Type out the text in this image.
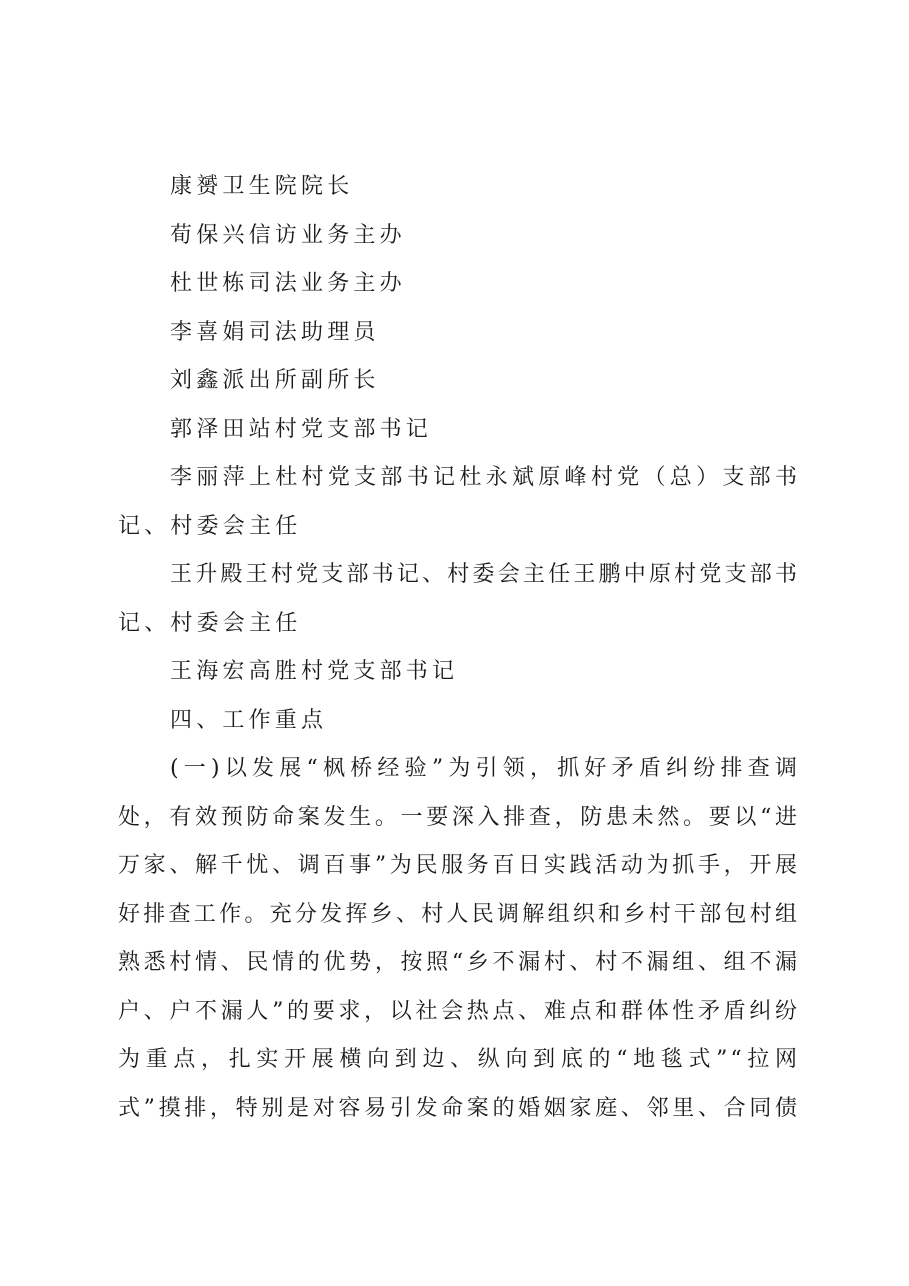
康赟卫生院院长
荀保兴信访业务主办
杜世栋司法业务主办
李喜娟司法助理员
刘鑫派出所副所长
郭泽田站村党支部书记
李丽萍上杜村党支部书记杜永斌原峰村党（总）支部书
记、村委会主任
王升殿王村党支部书记、村委会主任王鹏中原村党支部书
记、村委会主任
王海宏高胜村党支部书记
四、工作重点
(一)以发展“枫桥经验”为引领，抓好矛盾纠纷排查调
处，有效预防命案发生。一要深入排查，防患未然。要以“进
万家、解千忧、调百事”为民服务百日实践活动为抓手，开展
好排查工作。充分发挥乡、村人民调解组织和乡村干部包村组
熟悉村情、民情的优势，按照“乡不漏村、村不漏组、组不漏
户、户不漏人”的要求，以社会热点、难点和群体性矛盾纠纷
为重点，扎实开展横向到边、纵向到底的“地毯式”“拉网
式”摸排，特别是对容易引发命案的婚姻家庭、邻里、合同债
